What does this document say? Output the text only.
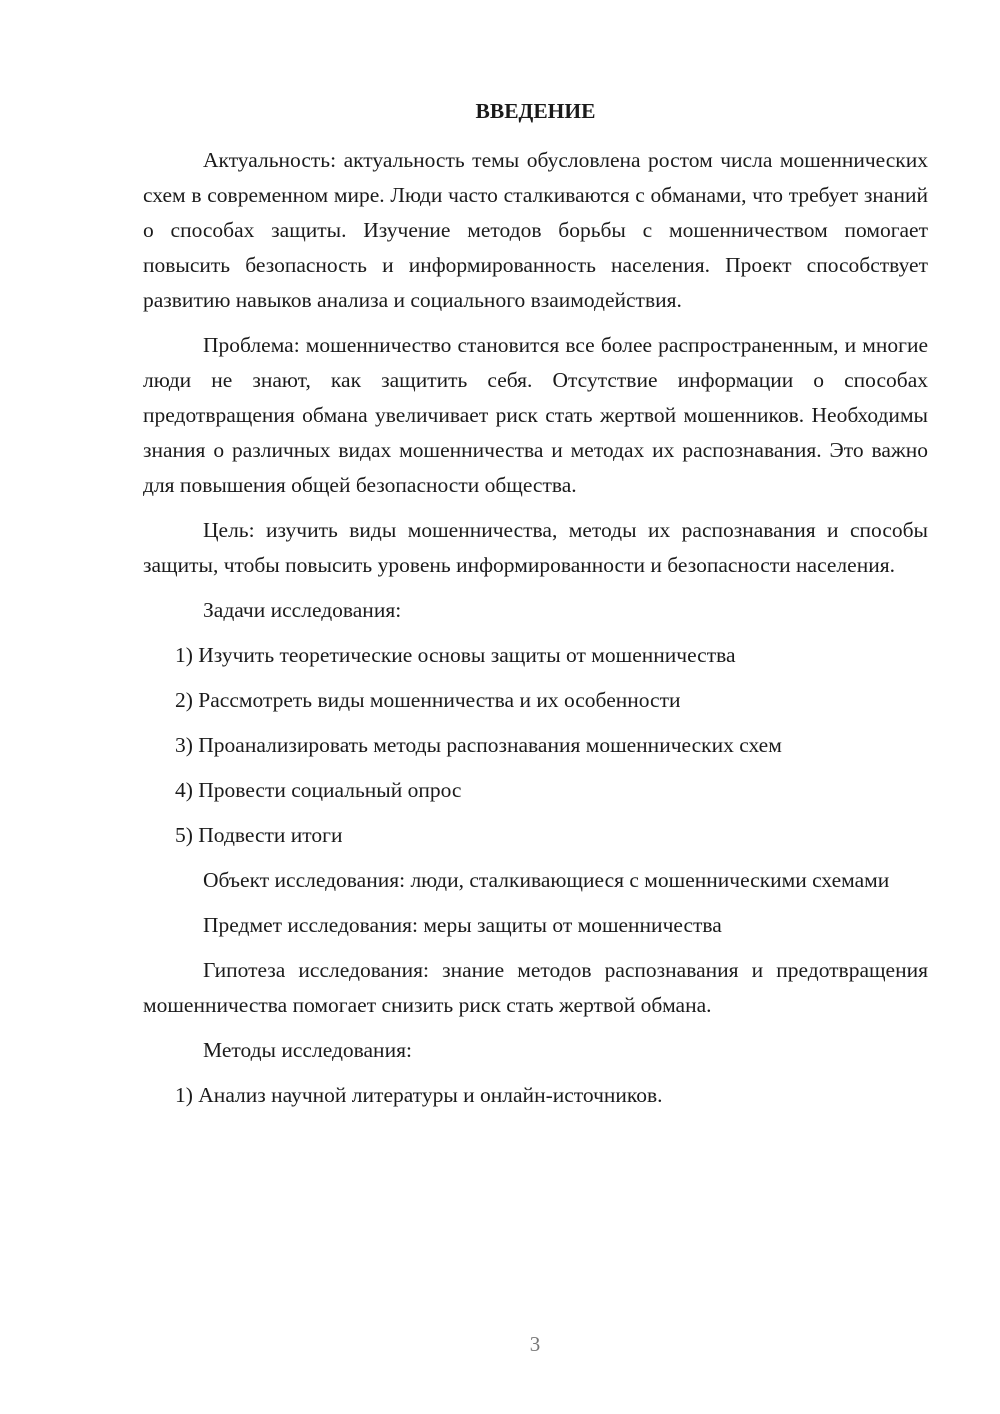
ВВЕДЕНИЕ

Актуальность: актуальность темы обусловлена ростом числа мошеннических схем в современном мире. Люди часто сталкиваются с обманами, что требует знаний о способах защиты. Изучение методов борьбы с мошенничеством помогает повысить безопасность и информированность населения. Проект способствует развитию навыков анализа и социального взаимодействия.

Проблема: мошенничество становится все более распространенным, и многие люди не знают, как защитить себя. Отсутствие информации о способах предотвращения обмана увеличивает риск стать жертвой мошенников. Необходимы знания о различных видах мошенничества и методах их распознавания. Это важно для повышения общей безопасности общества.

Цель: изучить виды мошенничества, методы их распознавания и способы защиты, чтобы повысить уровень информированности и безопасности населения.

Задачи исследования:

1) Изучить теоретические основы защиты от мошенничества
2) Рассмотреть виды мошенничества и их особенности
3) Проанализировать методы распознавания мошеннических схем
4) Провести социальный опрос
5) Подвести итоги

Объект исследования: люди, сталкивающиеся с мошенническими схемами

Предмет исследования: меры защиты от мошенничества

Гипотеза исследования: знание методов распознавания и предотвращения мошенничества помогает снизить риск стать жертвой обмана.

Методы исследования:

1) Анализ научной литературы и онлайн-источников.
3
